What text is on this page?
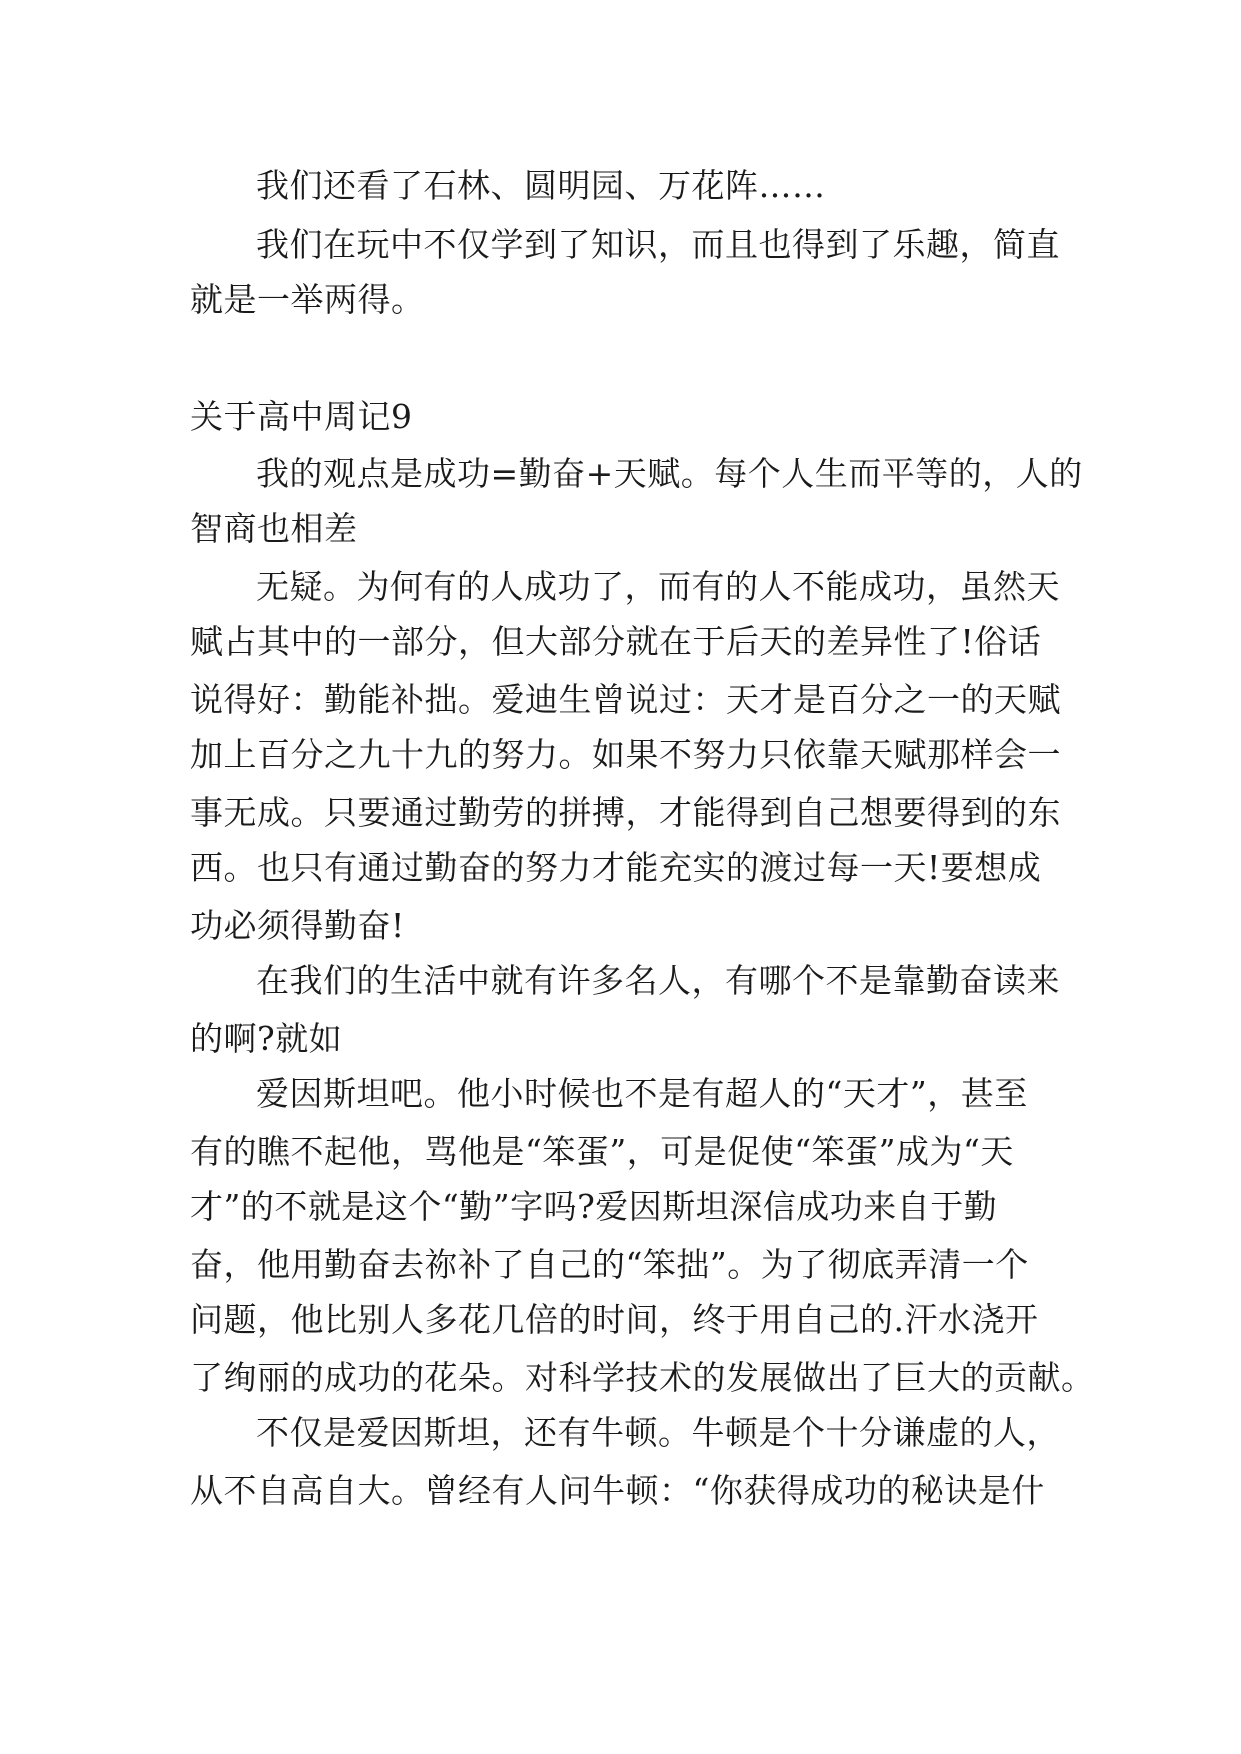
我们还看了石林、圆明园、万花阵……
我们在玩中不仅学到了知识，而且也得到了乐趣，简直
就是一举两得。
关于高中周记9
我的观点是成功=勤奋+天赋。每个人生而平等的，人的
智商也相差
无疑。为何有的人成功了，而有的人不能成功，虽然天
赋占其中的一部分，但大部分就在于后天的差异性了!俗话
说得好：勤能补拙。爱迪生曾说过：天才是百分之一的天赋
加上百分之九十九的努力。如果不努力只依靠天赋那样会一
事无成。只要通过勤劳的拼搏，才能得到自己想要得到的东
西。也只有通过勤奋的努力才能充实的渡过每一天!要想成
功必须得勤奋!
在我们的生活中就有许多名人，有哪个不是靠勤奋读来
的啊?就如
爱因斯坦吧。他小时候也不是有超人的“天才”，甚至
有的瞧不起他，骂他是“笨蛋”，可是促使“笨蛋”成为“天
才”的不就是这个“勤”字吗?爱因斯坦深信成功来自于勤
奋，他用勤奋去祢补了自己的“笨拙”。为了彻底弄清一个
问题，他比别人多花几倍的时间，终于用自己的.汗水浇开
了绚丽的成功的花朵。对科学技术的发展做出了巨大的贡献。
不仅是爱因斯坦，还有牛顿。牛顿是个十分谦虚的人，
从不自高自大。曾经有人问牛顿：“你获得成功的秘诀是什
